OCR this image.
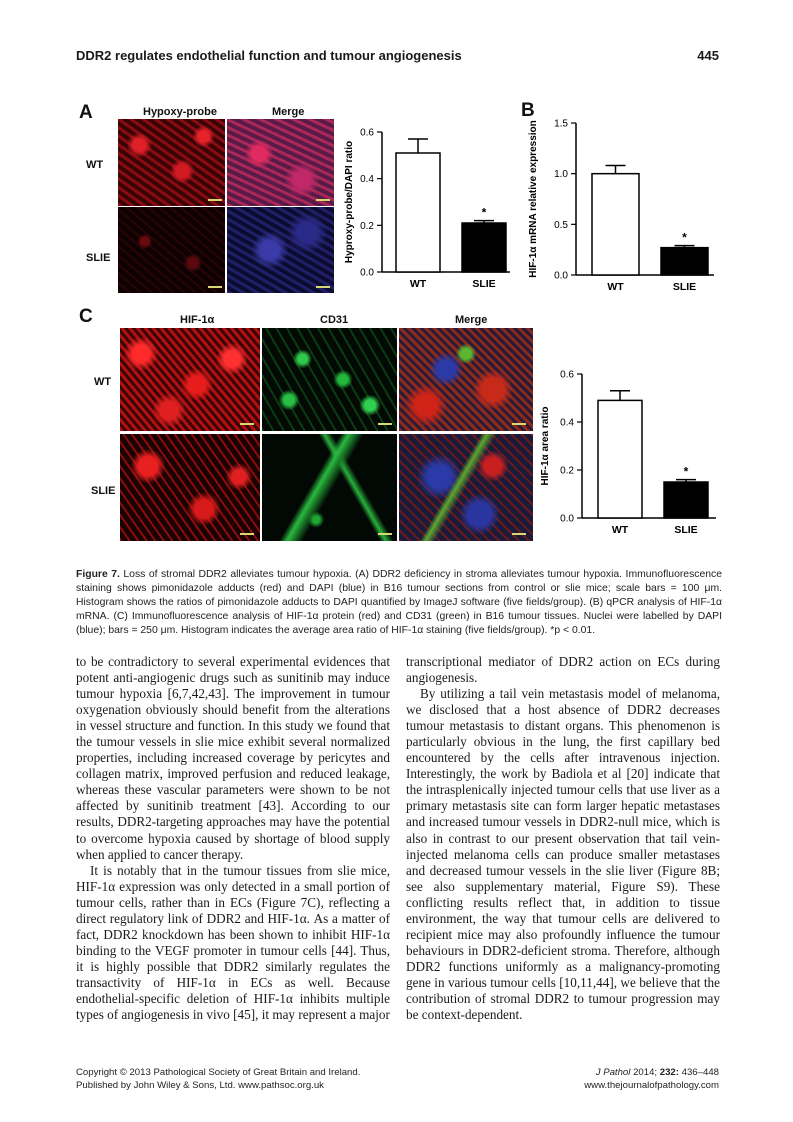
DDR2 regulates endothelial function and tumour angiogenesis	445
A	B
C
Hypoxy-probe	Merge
WT
SLIE
0.0
0.2
0.4
0.6
Hyproxy-probe/DAPI ratio
WT	SLIE
*
0.0
0.5
1.0
1.5
HIF-1α mRNA relative expression
WT	SLIE
*
0.0
0.2
0.4
0.6
HIF-1α area ratio
WT	SLIE
*
HIF-1α	CD31	Merge
WT
SLIE
Figure 7. Loss of stromal DDR2 alleviates tumour hypoxia. (A) DDR2 deficiency in stroma alleviates tumour hypoxia. Immunofluorescence staining shows pimonidazole adducts (red) and DAPI (blue) in B16 tumour sections from control or slie mice; scale bars = 100 μm. Histogram shows the ratios of pimonidazole adducts to DAPI quantified by ImageJ software (five fields/group). (B) qPCR analysis of HIF-1α mRNA. (C) Immunofluorescence analysis of HIF-1α protein (red) and CD31 (green) in B16 tumour tissues. Nuclei were labelled by DAPI (blue); bars = 250 μm. Histogram indicates the average area ratio of HIF-1α staining (five fields/group). *p < 0.01.

to be contradictory to several experimental evidences that potent anti-angiogenic drugs such as sunitinib may induce tumour hypoxia [6,7,42,43]. The improvement in tumour oxygenation obviously should benefit from the alterations in vessel structure and function. In this study we found that the tumour vessels in slie mice exhibit several normalized properties, including increased coverage by pericytes and collagen matrix, improved perfusion and reduced leakage, whereas these vascular parameters were shown to be not affected by sunitinib treatment [43]. According to our results, DDR2-targeting approaches may have the potential to overcome hypoxia caused by shortage of blood supply when applied to cancer therapy.

It is notably that in the tumour tissues from slie mice, HIF-1α expression was only detected in a small portion of tumour cells, rather than in ECs (Figure 7C), reflecting a direct regulatory link of DDR2 and HIF-1α. As a matter of fact, DDR2 knockdown has been shown to inhibit HIF-1α binding to the VEGF promoter in tumour cells [44]. Thus, it is highly possible that DDR2 similarly regulates the transactivity of HIF-1α in ECs as well. Because endothelial-specific deletion of HIF-1α inhibits multiple types of angiogenesis in vivo [45], it may represent a major

transcriptional mediator of DDR2 action on ECs during angiogenesis.

By utilizing a tail vein metastasis model of melanoma, we disclosed that a host absence of DDR2 decreases tumour metastasis to distant organs. This phenomenon is particularly obvious in the lung, the first capillary bed encountered by the cells after intravenous injection. Interestingly, the work by Badiola et al [20] indicate that the intrasplenically injected tumour cells that use liver as a primary metastasis site can form larger hepatic metastases and increased tumour vessels in DDR2-null mice, which is also in contrast to our present observation that tail vein-injected melanoma cells can produce smaller metastases and decreased tumour vessels in the slie liver (Figure 8B; see also supplementary material, Figure S9). These conflicting results reflect that, in addition to tissue environment, the way that tumour cells are delivered to recipient mice may also profoundly influence the tumour behaviours in DDR2-deficient stroma. Therefore, although DDR2 functions uniformly as a malignancy-promoting gene in various tumour cells [10,11,44], we believe that the contribution of stromal DDR2 to tumour progression may be context-dependent.

Copyright © 2013 Pathological Society of Great Britain and Ireland.
Published by John Wiley & Sons, Ltd. www.pathsoc.org.uk
J Pathol 2014; 232: 436–448
www.thejournalofpathology.com
